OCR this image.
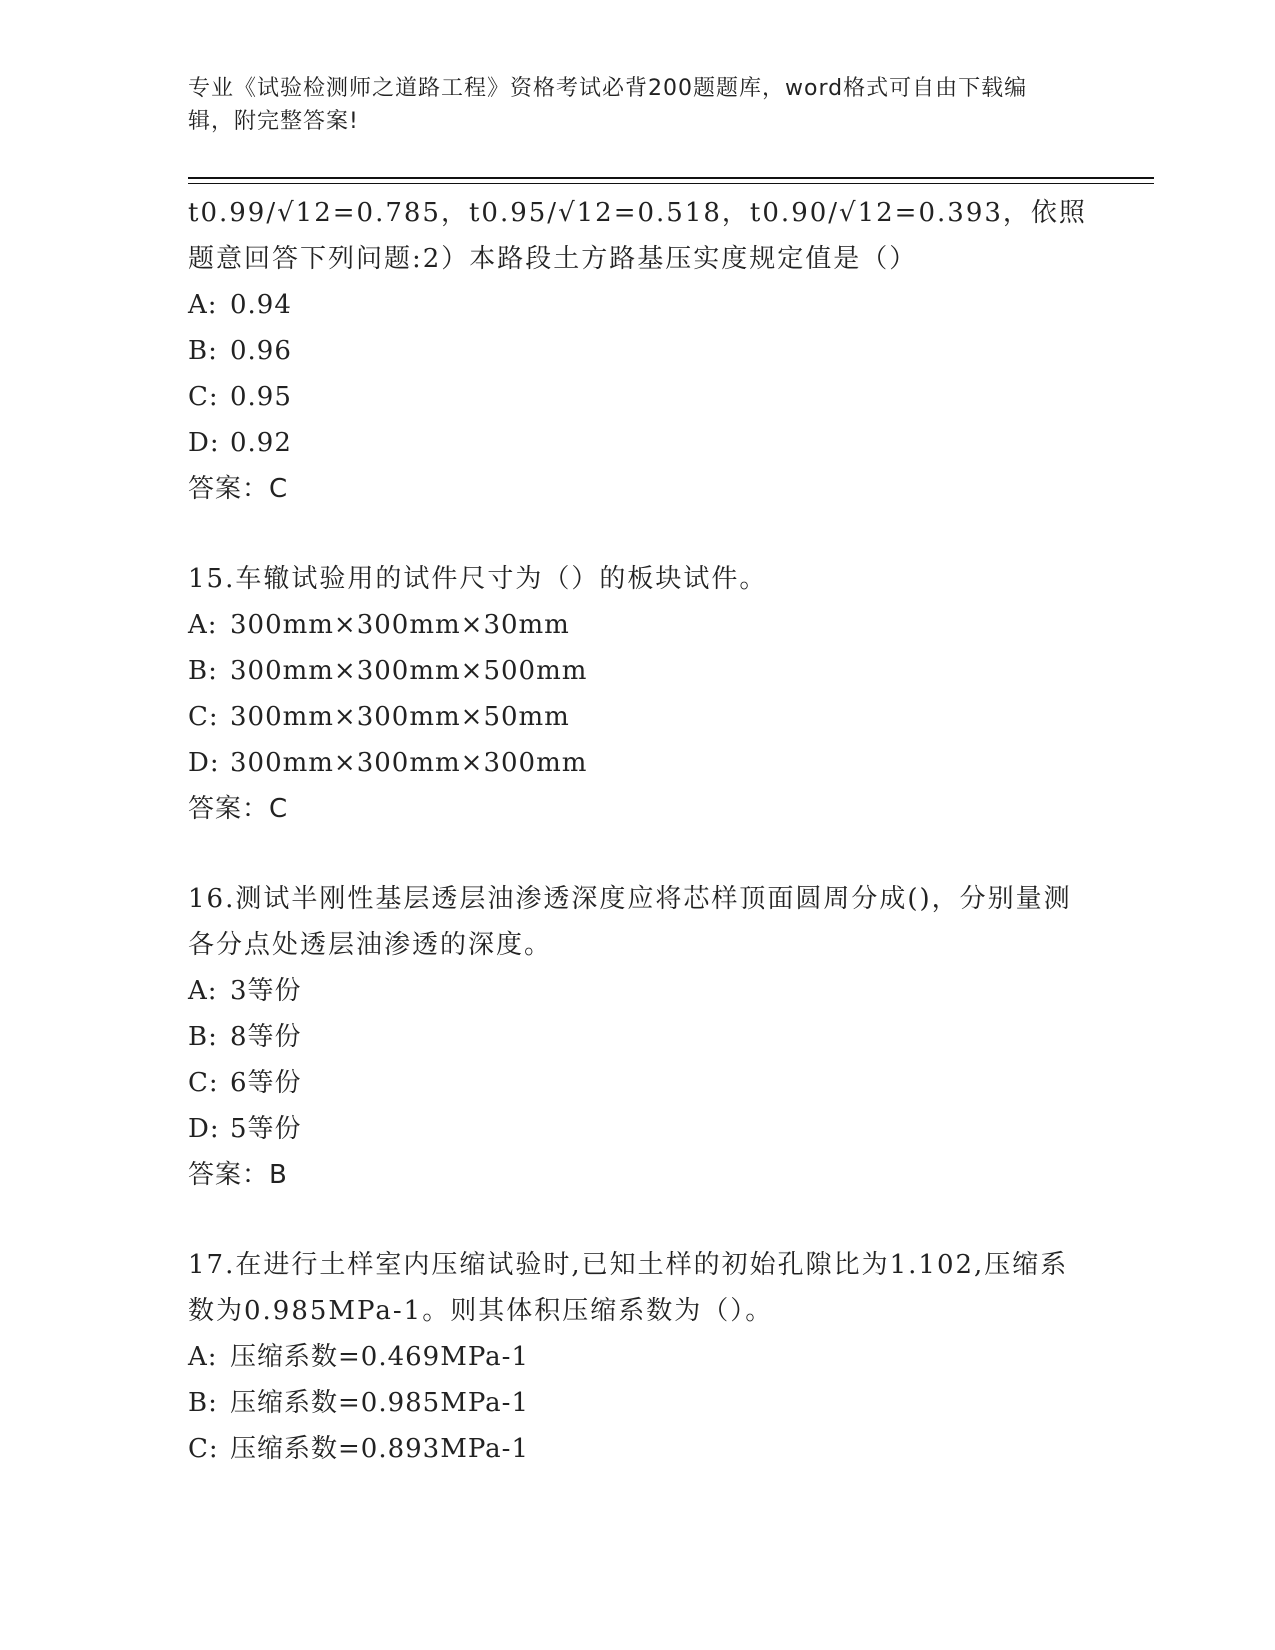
专业《试验检测师之道路工程》资格考试必背200题题库，word格式可自由下载编辑，附完整答案!

t0.99/√12=0.785，t0.95/√12=0.518，t0.90/√12=0.393，依照题意回答下列问题:2）本路段土方路基压实度规定值是（）

A: 0.94
B: 0.96
C: 0.95
D: 0.92
答案：C

15.车辙试验用的试件尺寸为（）的板块试件。

A: 300mm×300mm×30mm
B: 300mm×300mm×500mm
C: 300mm×300mm×50mm
D: 300mm×300mm×300mm
答案：C

16.测试半刚性基层透层油渗透深度应将芯样顶面圆周分成()，分别量测各分点处透层油渗透的深度。

A: 3等份
B: 8等份
C: 6等份
D: 5等份
答案：B

17.在进行土样室内压缩试验时,已知土样的初始孔隙比为1.102,压缩系数为0.985MPa-1。则其体积压缩系数为（）。

A: 压缩系数=0.469MPa-1
B: 压缩系数=0.985MPa-1
C: 压缩系数=0.893MPa-1
